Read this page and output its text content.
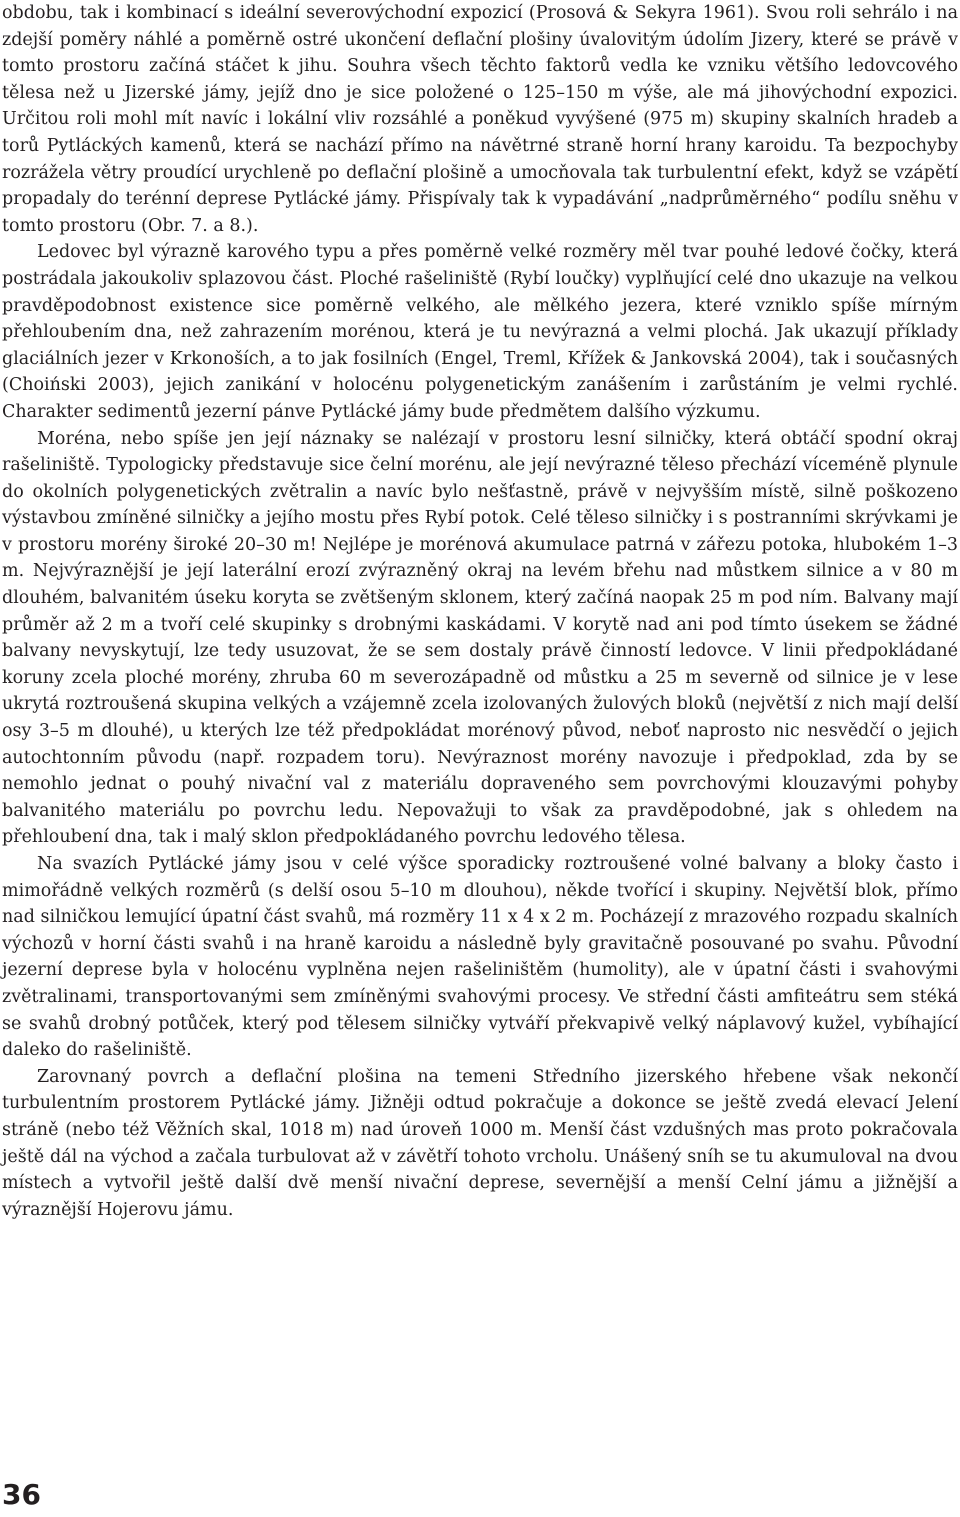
obdobu, tak i kombinací s ideální severovýchodní expozicí (Prosová & Sekyra 1961). Svou roli sehrálo i na zdejší poměry náhlé a poměrně ostré ukončení deflační plošiny úvalovitým údolím Jizery, které se právě v tomto prostoru začíná stáčet k jihu. Souhra všech těchto faktorů vedla ke vzniku většího ledovcového tělesa než u Jizerské jámy, jejíž dno je sice položené o 125–150 m výše, ale má jihovýchodní expozici. Určitou roli mohl mít navíc i lokální vliv rozsáhlé a poněkud vyvýšené (975 m) skupiny skalních hradeb a torů Pytláckých kamenů, která se nachází přímo na návětrné straně horní hrany karoidu. Ta bezpochyby rozrážela větry proudící urychleně po deflační plošině a umocňovala tak turbulentní efekt, když se vzápětí propadaly do terénní deprese Pytlácké jámy. Přispívaly tak k vypadávání „nadprůměrného“ podílu sněhu v tomto prostoru (Obr. 7. a 8.).

Ledovec byl výrazně karového typu a přes poměrně velké rozměry měl tvar pouhé ledové čočky, která postrádala jakoukoliv splazovou část. Ploché rašeliniště (Rybí loučky) vyplňující celé dno ukazuje na velkou pravděpodobnost existence sice poměrně velkého, ale mělkého jezera, které vzniklo spíše mírným přehloubením dna, než zahrazením morénou, která je tu nevýrazná a velmi plochá. Jak ukazují příklady glaciálních jezer v Krkonoších, a to jak fosilních (Engel, Treml, Křížek & Jankovská 2004), tak i současných (Choiński 2003), jejich zanikání v holocénu polygenetickým zanášením i zarůstáním je velmi rychlé. Charakter sedimentů jezerní pánve Pytlácké jámy bude předmětem dalšího výzkumu.

Moréna, nebo spíše jen její náznaky se nalézají v prostoru lesní silničky, která obtáčí spodní okraj rašeliniště. Typologicky představuje sice čelní morénu, ale její nevýrazné těleso přechází víceméně plynule do okolních polygenetických zvětralin a navíc bylo nešťastně, právě v nejvyšším místě, silně poškozeno výstavbou zmíněné silničky a jejího mostu přes Rybí potok. Celé těleso silničky i s postranními skrývkami je v prostoru morény široké 20–30 m! Nejlépe je morénová akumulace patrná v zářezu potoka, hlubokém 1–3 m. Nejvýraznější je její laterální erozí zvýrazněný okraj na levém břehu nad můstkem silnice a v 80 m dlouhém, balvanitém úseku koryta se zvětšeným sklonem, který začíná naopak 25 m pod ním. Balvany mají průměr až 2 m a tvoří celé skupinky s drobnými kaskádami. V korytě nad ani pod tímto úsekem se žádné balvany nevyskytují, lze tedy usuzovat, že se sem dostaly právě činností ledovce. V linii předpokládané koruny zcela ploché morény, zhruba 60 m severozápadně od můstku a 25 m severně od silnice je v lese ukrytá roztroušená skupina velkých a vzájemně zcela izolovaných žulových bloků (největší z nich mají delší osy 3–5 m dlouhé), u kterých lze též předpokládat morénový původ, neboť naprosto nic nesvědčí o jejich autochtonním původu (např. rozpadem toru). Nevýraznost morény navozuje i předpoklad, zda by se nemohlo jednat o pouhý nivační val z materiálu dopraveného sem povrchovými klouzavými pohyby balvanitého materiálu po povrchu ledu. Nepovažuji to však za pravděpodobné, jak s ohledem na přehloubení dna, tak i malý sklon předpokládaného povrchu ledového tělesa.

Na svazích Pytlácké jámy jsou v celé výšce sporadicky roztroušené volné balvany a bloky často i mimořádně velkých rozměrů (s delší osou 5–10 m dlouhou), někde tvořící i skupiny. Největší blok, přímo nad silničkou lemující úpatní část svahů, má rozměry 11 x 4 x 2 m. Pocházejí z mrazového rozpadu skalních výchozů v horní části svahů i na hraně karoidu a následně byly gravitačně posouvané po svahu. Původní jezerní deprese byla v holocénu vyplněna nejen rašeliništěm (humolity), ale v úpatní části i svahovými zvětralinami, transportovanými sem zmíněnými svahovými procesy. Ve střední části amfiteátru sem stéká se svahů drobný potůček, který pod tělesem silničky vytváří překvapivě velký náplavový kužel, vybíhající daleko do rašeliniště.

Zarovnaný povrch a deflační plošina na temeni Středního jizerského hřebene však nekončí turbulentním prostorem Pytlácké jámy. Jižněji odtud pokračuje a dokonce se ještě zvedá elevací Jelení stráně (nebo též Věžních skal, 1018 m) nad úroveň 1000 m. Menší část vzdušných mas proto pokračovala ještě dál na východ a začala turbulovat až v závětří tohoto vrcholu. Unášený sníh se tu akumuloval na dvou místech a vytvořil ještě další dvě menší nivační deprese, severnější a menší Celní jámu a jižnější a výraznější Hojerovu jámu.

36
